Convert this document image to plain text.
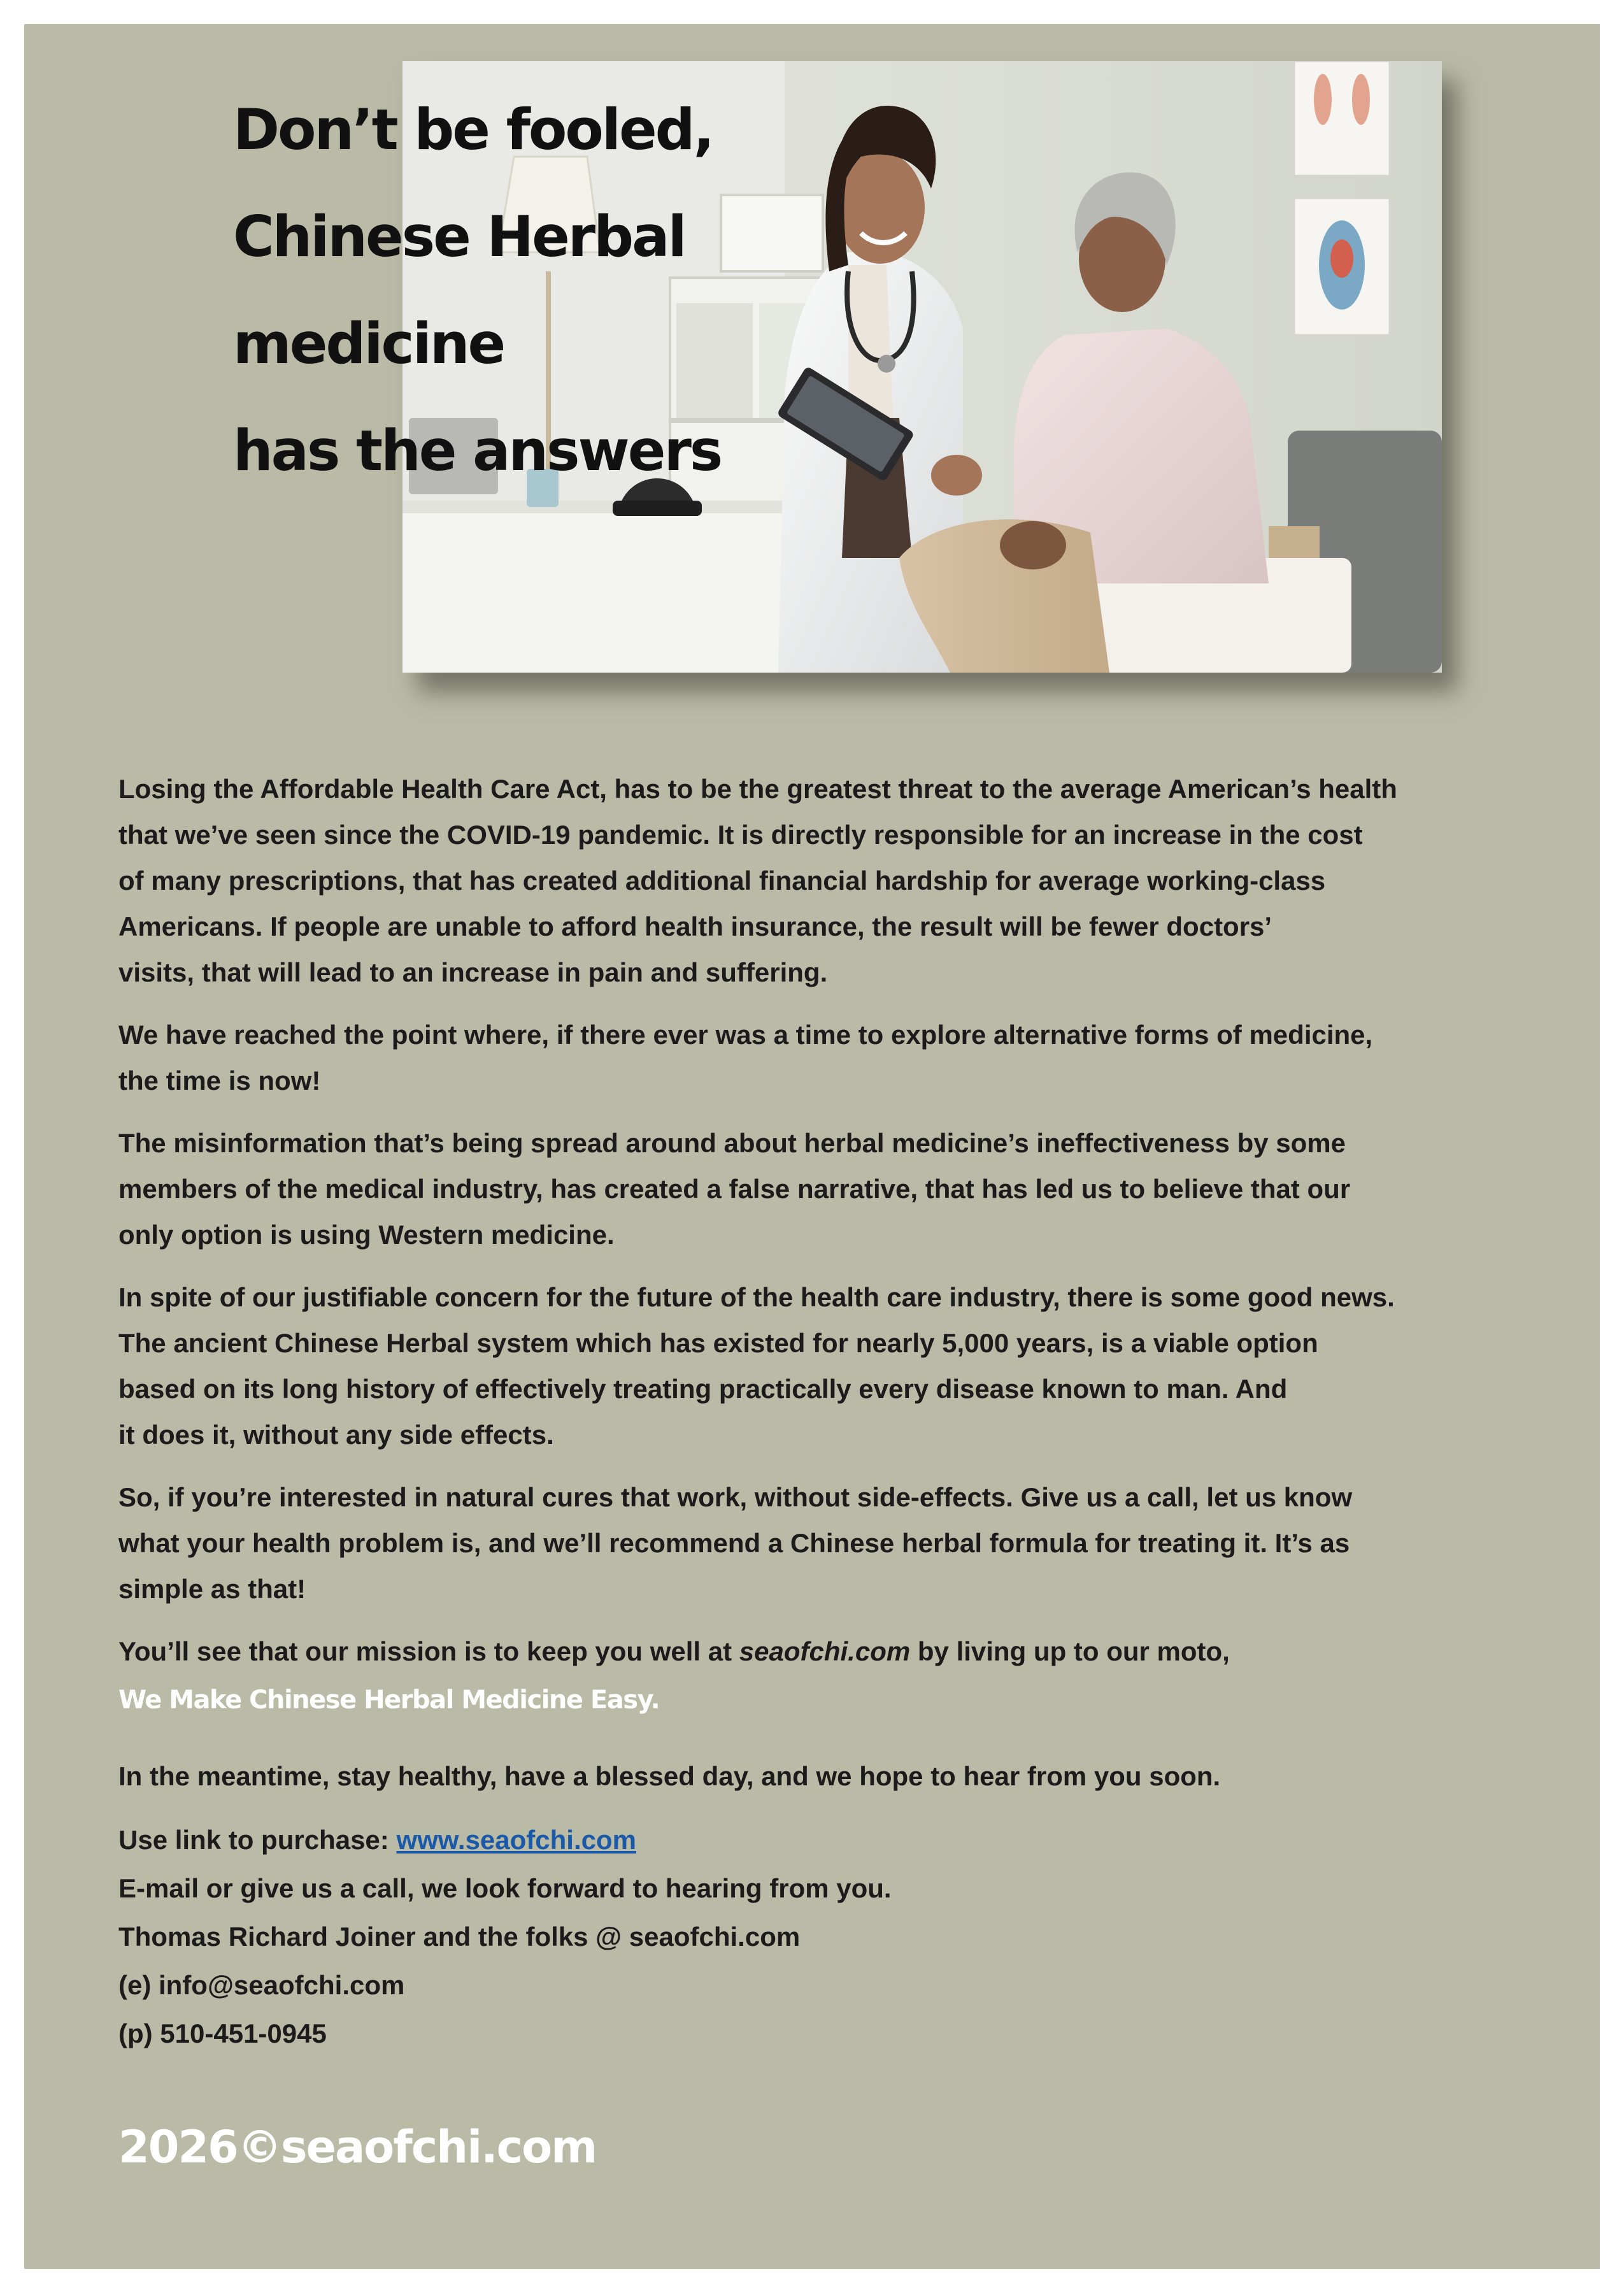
Don’t be fooled,
Chinese Herbal
medicine
has the answers

Losing the Affordable Health Care Act, has to be the greatest threat to the average American’s health
that we’ve seen since the COVID-19 pandemic. It is directly responsible for an increase in the cost
of many prescriptions, that has created additional financial hardship for average working-class
Americans. If people are unable to afford health insurance, the result will be fewer doctors’
visits, that will lead to an increase in pain and suffering.

We have reached the point where, if there ever was a time to explore alternative forms of medicine,
the time is now!

The misinformation that’s being spread around about herbal medicine’s ineffectiveness by some
members of the medical industry, has created a false narrative, that has led us to believe that our
only option is using Western medicine.

In spite of our justifiable concern for the future of the health care industry, there is some good news.
The ancient Chinese Herbal system which has existed for nearly 5,000 years, is a viable option
based on its long history of effectively treating practically every disease known to man. And
it does it, without any side effects.

So, if you’re interested in natural cures that work, without side-effects. Give us a call, let us know
what your health problem is, and we’ll recommend a Chinese herbal formula for treating it. It’s as
simple as that!

You’ll see that our mission is to keep you well at seaofchi.com by living up to our moto,
We Make Chinese Herbal Medicine Easy.

In the meantime, stay healthy, have a blessed day, and we hope to hear from you soon.

Use link to purchase: www.seaofchi.com
E-mail or give us a call, we look forward to hearing from you.
Thomas Richard Joiner and the folks @ seaofchi.com
(e) info@seaofchi.com
(p) 510-451-0945

2026©seaofchi.com
